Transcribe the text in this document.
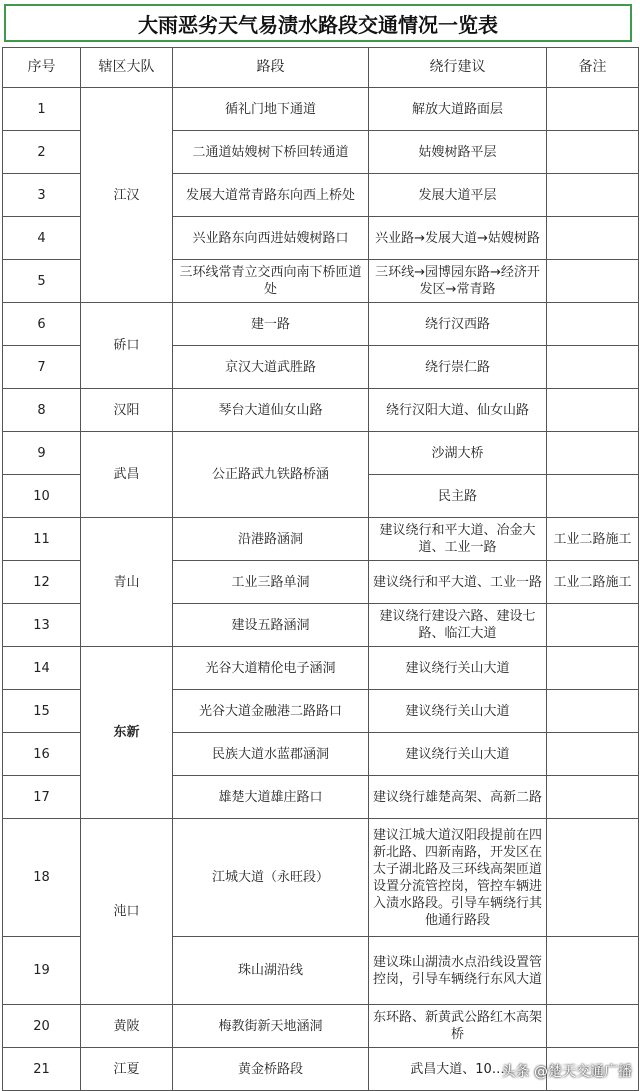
大雨恶劣天气易渍水路段交通情况一览表
序号	辖区大队	路段	绕行建议	备注
1	江汉	循礼门地下通道	解放大道路面层	
2		二通道姑嫂树下桥回转通道	姑嫂树路平层	
3		发展大道常青路东向西上桥处	发展大道平层	
4		兴业路东向西进姑嫂树路口	兴业路→发展大道→姑嫂树路	
5		三环线常青立交西向南下桥匝道处	三环线→园博园东路→经济开发区→常青路	
6	硚口	建一路	绕行汉西路	
7		京汉大道武胜路	绕行崇仁路	
8	汉阳	琴台大道仙女山路	绕行汉阳大道、仙女山路	
9	武昌	公正路武九铁路桥涵	沙湖大桥	
10			民主路	
11	青山	沿港路涵洞	建议绕行和平大道、冶金大道、工业一路	工业二路施工
12		工业三路单洞	建议绕行和平大道、工业一路	工业二路施工
13		建设五路涵洞	建议绕行建设六路、建设七路、临江大道	
14	东新	光谷大道精伦电子涵洞	建议绕行关山大道	
15		光谷大道金融港二路路口	建议绕行关山大道	
16		民族大道水蓝郡涵洞	建议绕行关山大道	
17		雄楚大道雄庄路口	建议绕行雄楚高架、高新二路	
18	沌口	江城大道（永旺段）	建议江城大道汉阳段提前在四新北路、四新南路，开发区在太子湖北路及三环线高架匝道设置分流管控岗，管控车辆进入渍水路段。引导车辆绕行其他通行路段	
19		珠山湖沿线	建议珠山湖渍水点沿线设置管控岗，引导车辆绕行东风大道	
20	黄陂	梅教街新天地涵洞	东环路、新黄武公路红木高架桥	
21	江夏	黄金桥路段	武昌大道、10…	
头条 @楚天交通广播
